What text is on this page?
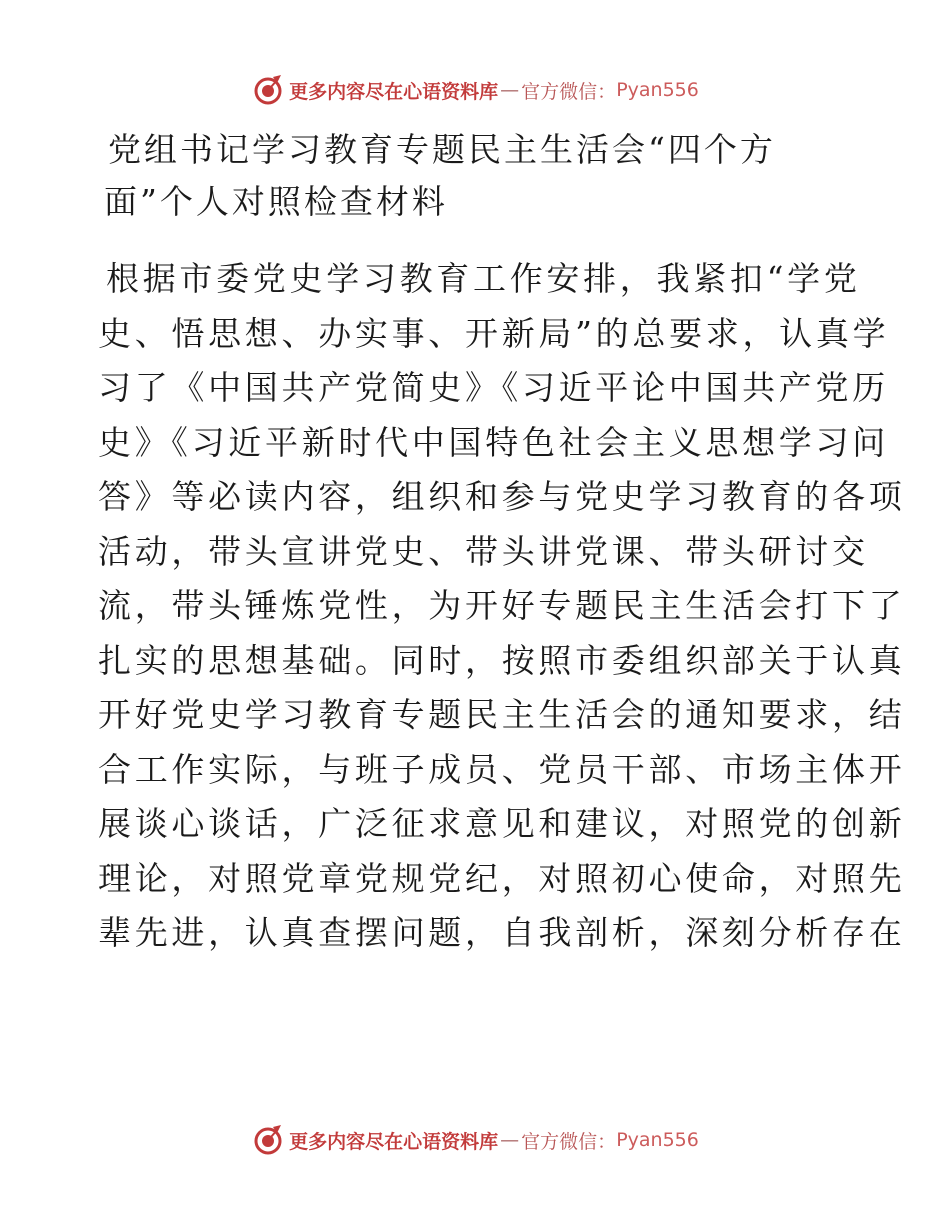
更多内容尽在心语资料库 — 官方微信： Pyan556
党组书记学习教育专题民主生活会“四个方
面”个人对照检查材料
根据市委党史学习教育工作安排，我紧扣“学党
史、悟思想、办实事、开新局”的总要求，认真学
习了《中国共产党简史》《习近平论中国共产党历
史》《习近平新时代中国特色社会主义思想学习问
答》等必读内容，组织和参与党史学习教育的各项
活动，带头宣讲党史、带头讲党课、带头研讨交
流，带头锤炼党性，为开好专题民主生活会打下了
扎实的思想基础。同时，按照市委组织部关于认真
开好党史学习教育专题民主生活会的通知要求，结
合工作实际，与班子成员、党员干部、市场主体开
展谈心谈话，广泛征求意见和建议，对照党的创新
理论，对照党章党规党纪，对照初心使命，对照先
辈先进，认真查摆问题，自我剖析，深刻分析存在
更多内容尽在心语资料库 — 官方微信： Pyan556
